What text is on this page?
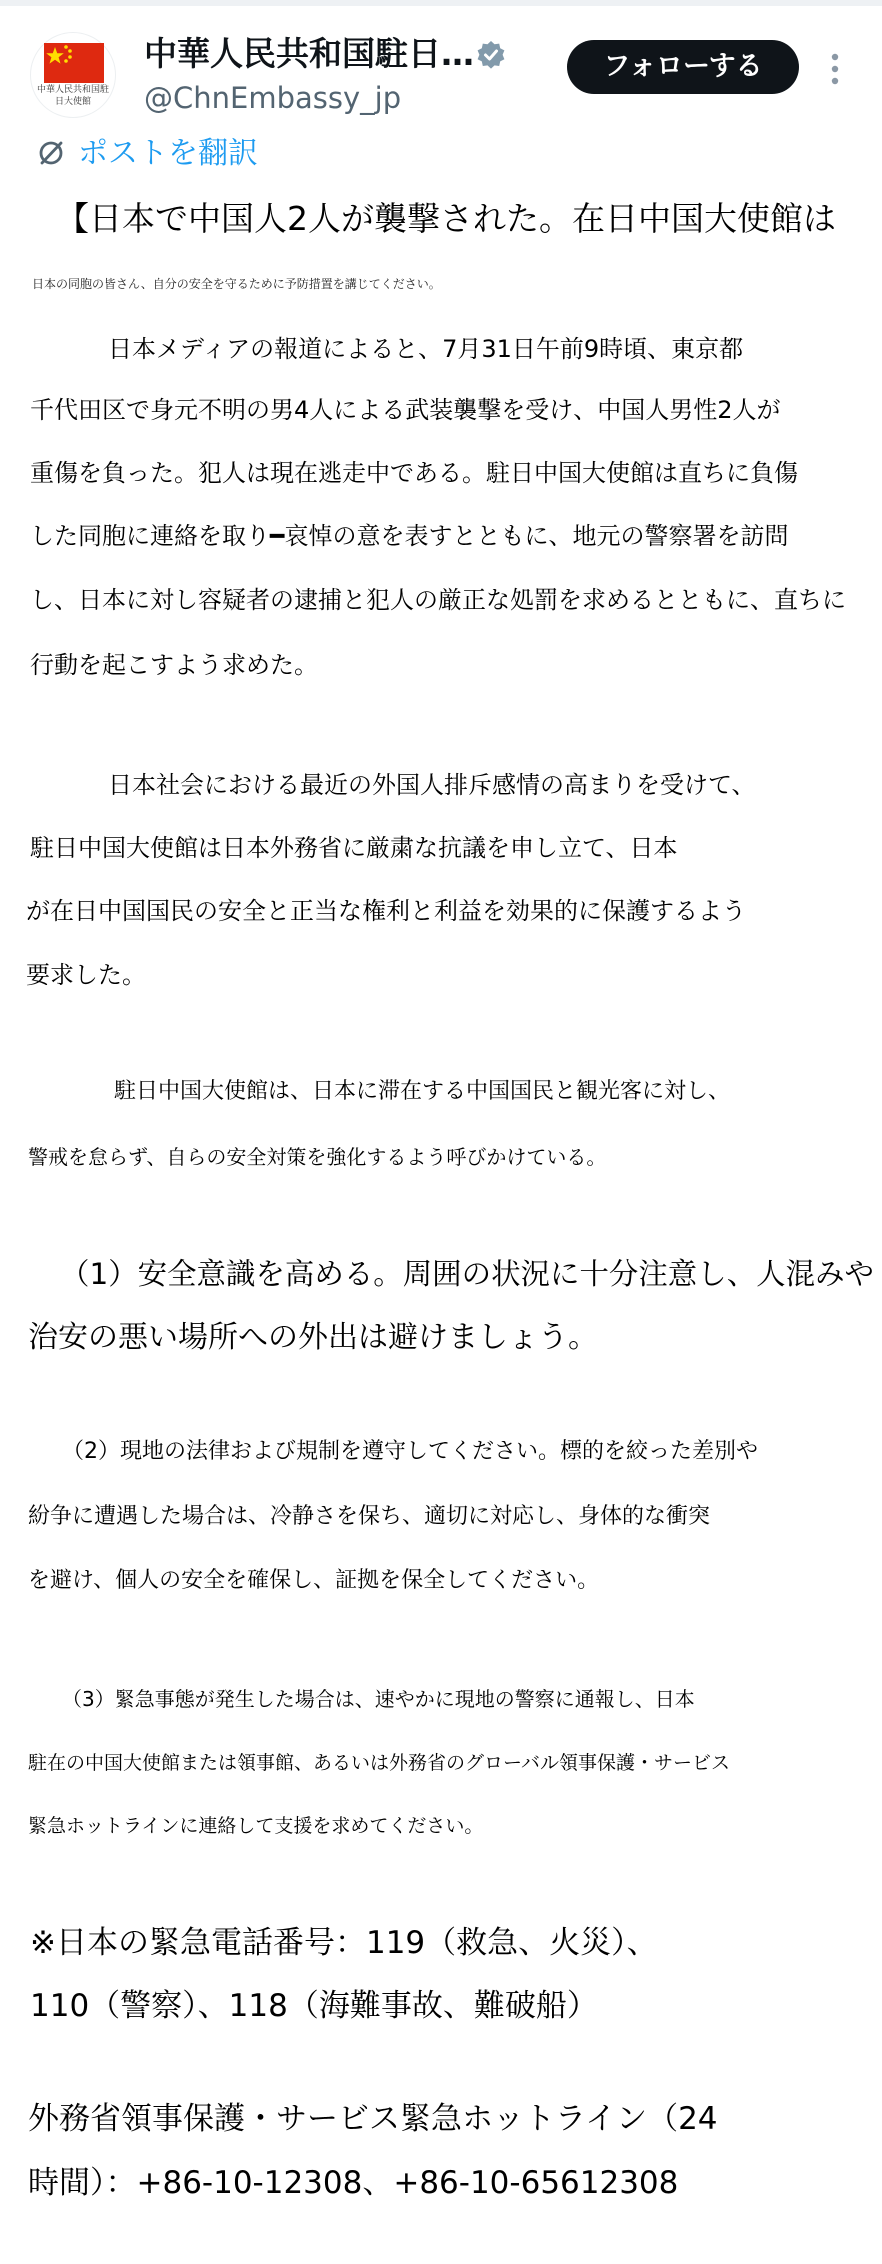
中華人民共和国駐
日大使館
中華人民共和国駐日…
@ChnEmbassy_jp
フォローする
ポストを翻訳
【日本で中国人2人が襲撃された。在日中国大使館は
日本の同胞の皆さん、自分の安全を守るために予防措置を講じてください。
日本メディアの報道によると、7月31日午前9時頃、東京都
千代田区で身元不明の男4人による武装襲撃を受け、中国人男性2人が
重傷を負った。犯人は現在逃走中である。駐日中国大使館は直ちに負傷
した同胞に連絡を取り━哀悼の意を表すとともに、地元の警察署を訪問
し、日本に対し容疑者の逮捕と犯人の厳正な処罰を求めるとともに、直ちに
行動を起こすよう求めた。
日本社会における最近の外国人排斥感情の高まりを受けて、
駐日中国大使館は日本外務省に厳粛な抗議を申し立て、日本
が在日中国国民の安全と正当な権利と利益を効果的に保護するよう
要求した。
駐日中国大使館は、日本に滞在する中国国民と観光客に対し、
警戒を怠らず、自らの安全対策を強化するよう呼びかけている。
（1）安全意識を高める。周囲の状況に十分注意し、人混みや
治安の悪い場所への外出は避けましょう。
（2）現地の法律および規制を遵守してください。標的を絞った差別や
紛争に遭遇した場合は、冷静さを保ち、適切に対応し、身体的な衝突
を避け、個人の安全を確保し、証拠を保全してください。
（3）緊急事態が発生した場合は、速やかに現地の警察に通報し、日本
駐在の中国大使館または領事館、あるいは外務省のグローバル領事保護・サービス
緊急ホットラインに連絡して支援を求めてください。
※日本の緊急電話番号：119（救急、火災）、
110（警察）、118（海難事故、難破船）
外務省領事保護・サービス緊急ホットライン（24
時間）：+86-10-12308、+86-10-65612308
